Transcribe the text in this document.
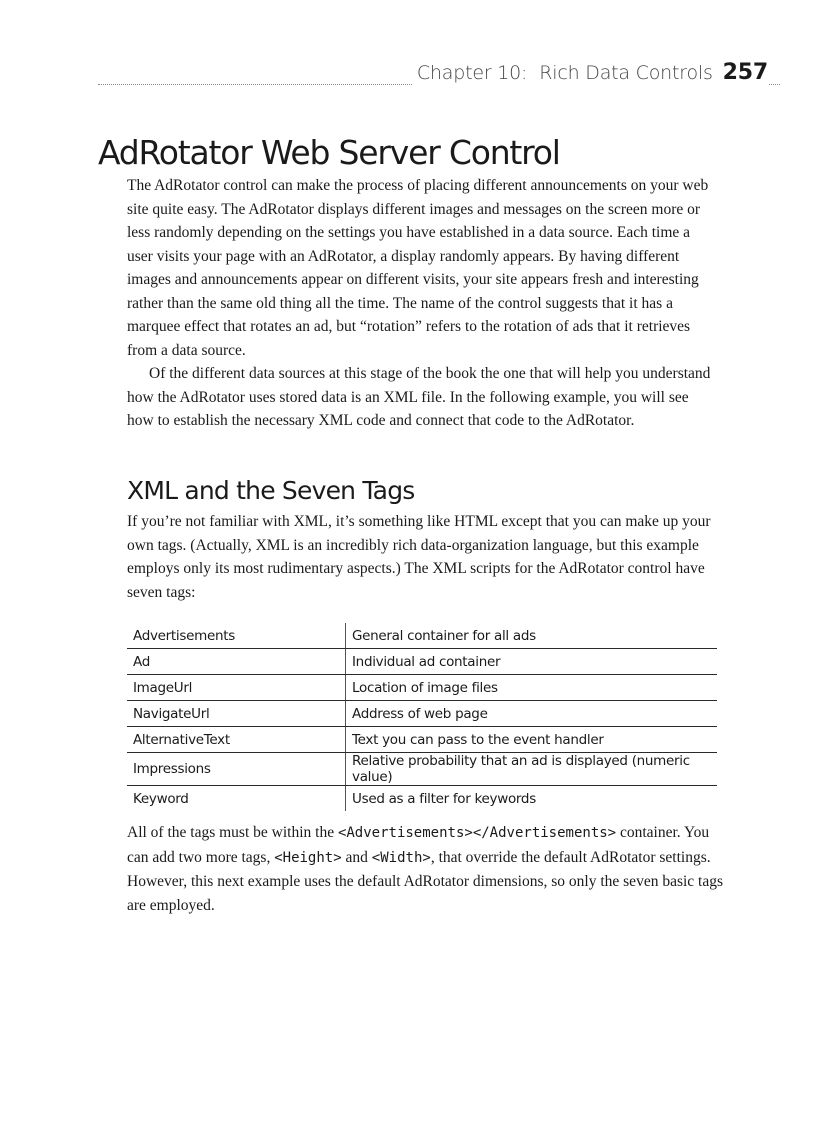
Chapter 10: Rich Data Controls 257
AdRotator Web Server Control

The AdRotator control can make the process of placing different announcements on your web site quite easy. The AdRotator displays different images and messages on the screen more or less randomly depending on the settings you have established in a data source. Each time a user visits your page with an AdRotator, a display randomly appears. By having different images and announcements appear on different visits, your site appears fresh and interesting rather than the same old thing all the time. The name of the control suggests that it has a marquee effect that rotates an ad, but “rotation” refers to the rotation of ads that it retrieves from a data source.

Of the different data sources at this stage of the book the one that will help you understand how the AdRotator uses stored data is an XML file. In the following example, you will see how to establish the necessary XML code and connect that code to the AdRotator.

XML and the Seven Tags

If you’re not familiar with XML, it’s something like HTML except that you can make up your own tags. (Actually, XML is an incredibly rich data-organization language, but this example employs only its most rudimentary aspects.) The XML scripts for the AdRotator control have seven tags:

Advertisements	General container for all ads
Ad	Individual ad container
ImageUrl	Location of image files
NavigateUrl	Address of web page
AlternativeText	Text you can pass to the event handler
Impressions	Relative probability that an ad is displayed (numeric value)
Keyword	Used as a filter for keywords

All of the tags must be within the <Advertisements></Advertisements> container. You can add two more tags, <Height> and <Width>, that override the default AdRotator settings. However, this next example uses the default AdRotator dimensions, so only the seven basic tags are employed.
